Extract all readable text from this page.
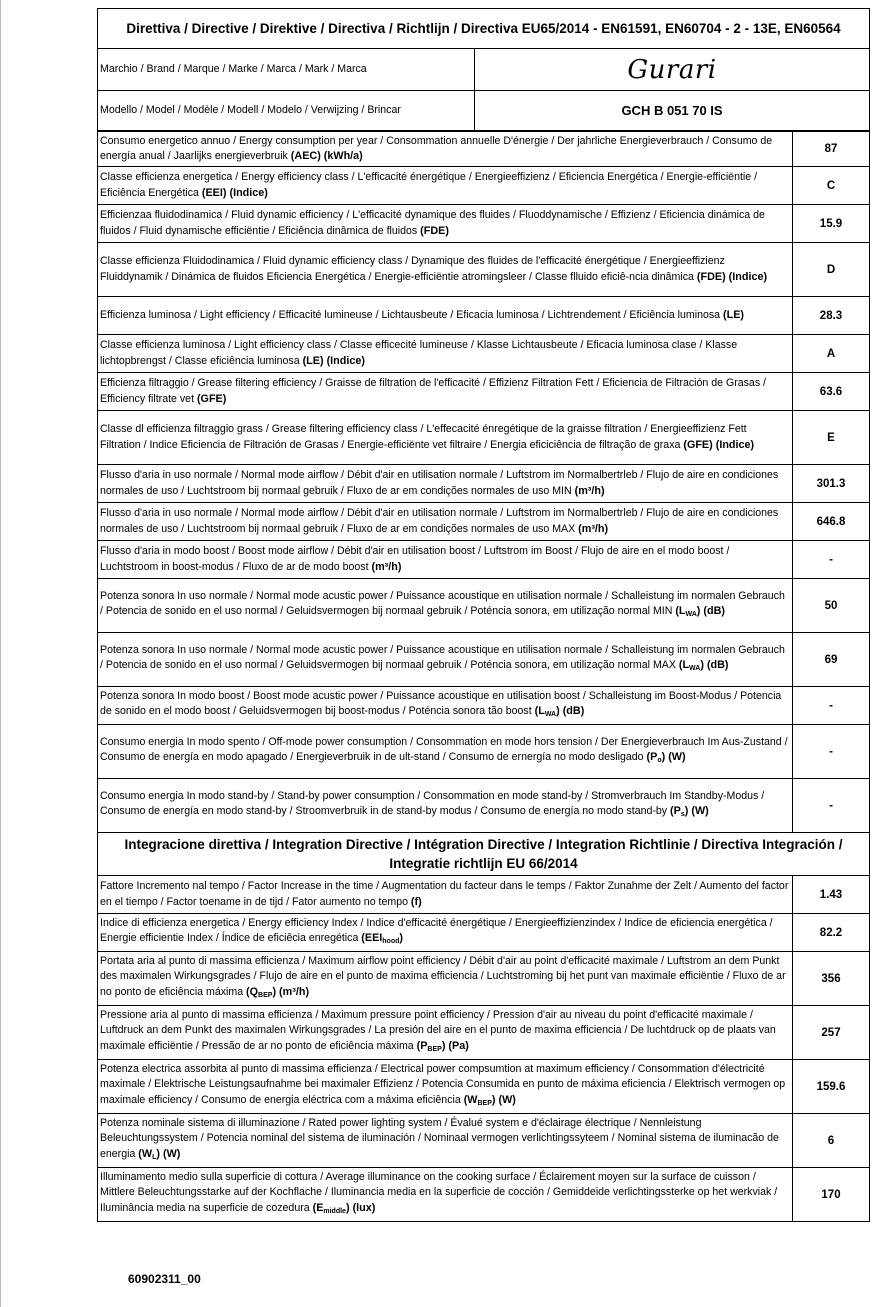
Direttiva / Directive / Direktive / Directiva / Richtlijn / Directiva EU65/2014 - EN61591, EN60704 - 2 - 13E, EN60564	
Marchio / Brand / Marque / Marke / Marca / Mark / Marca	Gurari
Modello / Model / Modèle / Modell / Modelo / Verwijzing / Brincar	GCH B 051 70 IS
Consumo energetico annuo / Energy consumption per year / Consommation annuelle D'énergie / Der jahrliche Energieverbrauch / Consumo de energía anual / Jaarlijks energieverbruik (AEC) (kWh/a)	87
Classe efficienza energetica / Energy efficiency class / L'efficacité énergétique / Energieeffizienz / Eficiencia Energética / Energie-efficiëntie / Eficiência Energética (EEI) (Indice)	C
Efficienzaa fluidodinamica / Fluid dynamic efficiency / L'efficacité dynamique des fluides / Fluoddynamische / Effizienz / Eficiencia dinámica de fluidos / Fluid dynamische efficiëntie / Eficiência dinâmica de fluidos (FDE)	15.9
Classe efficienza Fluidodinamica / Fluid dynamic efficiency class / Dynamique des fluides de l'efficacité énergétique / Energieeffizienz Fluiddynamik / Dinámica de fluidos Eficiencia Energética / Energie-efficiëntie atromingsleer / Classe flluido eficiê-ncia dinâmica (FDE) (Indice)	D
Efficienza luminosa / Light efficiency / Efficacité lumineuse / Lichtausbeute / Eficacia luminosa / Lichtrendement / Eficiência luminosa (LE)	28.3
Classe efficienza luminosa / Light efficiency class / Classe efficecité lumineuse / Klasse Lichtausbeute / Eficacia luminosa clase / Klasse lichtopbrengst / Classe eficiência luminosa (LE) (Indice)	A
Efficienza filtraggio / Grease filtering efficiency / Graisse de filtration de l'efficacité / Effizienz Filtration Fett / Eficiencia de Filtración de Grasas / Efficiency filtrate vet (GFE)	63.6
Classe dl efficienza filtraggio grass / Grease filtering efficiency class / L'effecacité énregétique de la graisse filtration / Energieeffizienz Fett Filtration / Indice Eficiencia de Filtración de Grasas / Energie-efficiënte vet filtraire / Energia eficiciência de filtração de graxa (GFE) (Indice)	E
Flusso d'aria in uso normale / Normal mode airflow / Débit d'air en utilisation normale / Luftstrom im Normalbertrleb / Flujo de aire en condiciones normales de uso / Luchtstroom bij normaal gebruik / Fluxo de ar em condições normales de uso MIN (m³/h)	301.3
Flusso d'aria in uso normale / Normal mode airflow / Débit d'air en utilisation normale / Luftstrom im Normalbertrleb / Flujo de aire en condiciones normales de uso / Luchtstroom bij normaal gebruik / Fluxo de ar em condições normales de uso MAX (m³/h)	646.8
Flusso d'aria in modo boost / Boost mode airflow / Débit d'air en utilisation boost / Luftstrom im Boost / Flujo de aire en el modo boost / Luchtstroom in boost-modus / Fluxo de ar de modo boost (m³/h)	-
Potenza sonora In uso normale / Normal mode acustic power / Puissance acoustique en utilisation normale / Schalleistung im normalen Gebrauch / Potencia de sonido en el uso normal / Geluidsvermogen bij normaal gebruik / Poténcia sonora, em utilização normal MIN $(L_{WA})$ (dB)	50
Potenza sonora In uso normale / Normal mode acustic power / Puissance acoustique en utilisation normale / Schalleistung im normalen Gebrauch / Potencia de sonido en el uso normal / Geluidsvermogen bij normaal gebruik / Poténcia sonora, em utilização normal MAX $(L_{WA})$ (dB)	69
Potenza sonora In modo boost / Boost mode acustic power / Puissance acoustique en utilisation boost / Schalleistung im Boost-Modus / Potencia de sonido en el modo boost / Geluidsvermogen bij boost-modus / Poténcia sonora tão boost $(L_{WA})$ (dB)	-
Consumo energia In modo spento / Off-mode power consumption / Consommation en mode hors tension / Der Energieverbrauch Im Aus-Zustand / Consumo de energía en modo apagado / Energieverbruik in de ult-stand / Consumo de ernergía no modo desligado $(P_o)$ (W)	-
Consumo energia In modo stand-by / Stand-by power consumption / Consommation en mode stand-by / Stromverbrauch Im Standby-Modus / Consumo de energía en modo stand-by / Stroomverbruik in de stand-by modus / Consumo de energía no modo stand-by $(P_s)$ (W)	-
Integracione direttiva / Integration Directive / Intégration Directive / Integration Richtlinie / Directiva Integración / Integratie richtlijn EU 66/2014	
Fattore Incremento nal tempo / Factor Increase in the time / Augmentation du facteur dans le temps / Faktor Zunahme der Zelt / Aumento del factor en el tiempo / Factor toename in de tijd / Fator aumento no tempo (f)	1.43
Indice di efficienza energetica / Energy efficiency Index / Indice d'efficacité énergétique / Energieeffizienzindex / Indice de eficiencia energética / Energie efficientie Index / Índice de eficiêcia enregética $(EEI_{hood})$	82.2
Portata aria al punto di massima efficienza / Maximum airflow point efficiency / Débit d'air au point d'efficacité maximale / Luftstrom an dem Punkt des maximalen Wirkungsgrades / Flujo de aire en el punto de maxima efficiencia / Luchtstroming bij het punt van maximale efficiëntie / Fluxo de ar no ponto de eficiência máxima $(Q_{BEP})$ (m³/h)	356
Pressione aria al punto di massima efficienza / Maximum pressure point efficiency / Pression d'air au niveau du point d'efficacité maximale / Luftdruck an dem Punkt des maximalen Wirkungsgrades / La presión del aire en el punto de maxima efficiencia / De luchtdruck op de plaats van maximale efficiëntie / Pressão de ar no ponto de eficiência máxima $(P_{BEP})$ (Pa)	257
Potenza electrica assorbita al punto di massima efficienza / Electrical power compsumtion at maximum efficiency / Consommation d'électricité maximale / Elektrische Leistungsaufnahme bei maximaler Effizienz / Potencia Consumida en punto de máxima eficiencia / Elektrisch vermogen op maximale efficiency / Consumo de energia eléctrica com a máxima eficiência $(W_{BEP})$ (W)	159.6
Potenza nominale sistema di illuminazione / Rated power lighting system / Évalué system e d'éclairage électrique / Nennleistung Beleuchtungssystem / Potencia nominal del sistema de iluminación / Nominaal vermogen verlichtingssyteem / Nominal sistema de iluminacão de energia $(W_L)$ (W)	6
Illuminamento medio sulla superficie di cottura / Average illuminance on the cooking surface / Éclairement moyen sur la surface de cuisson / Mittlere Beleuchtungsstarke auf der Kochflache / Iluminancia media en la superficie de cocción / Gemiddeide verlichtingssterke op het werkviak / Iluminância media na superficie de cozedura $(E_{middle})$ (lux)	170
60902311_00
